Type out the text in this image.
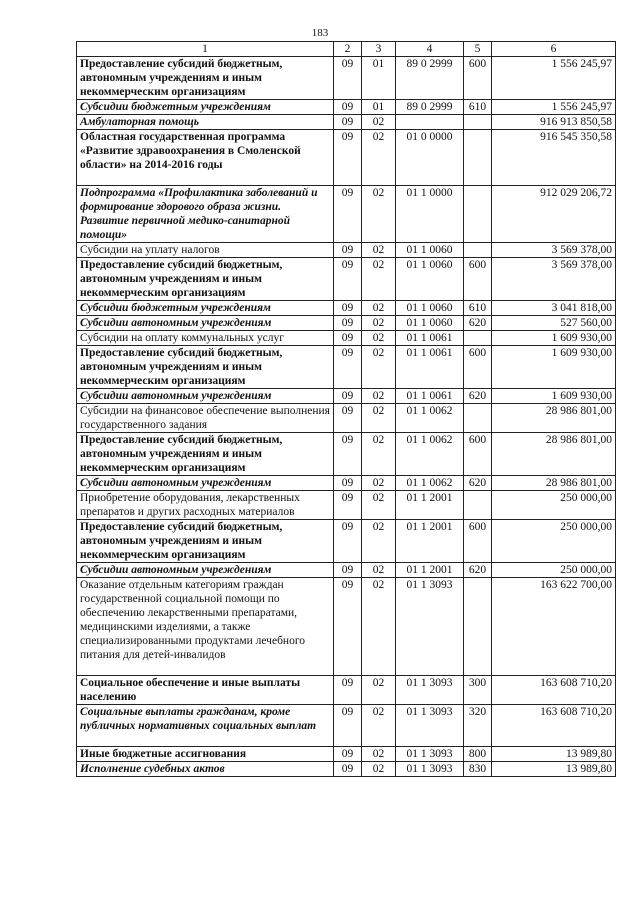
183
1	2	3	4	5	6
Предоставление субсидий бюджетным, автономным учреждениям и иным некоммерческим организациям	09	01	89 0 2999	600	1 556 245,97
Субсидии бюджетным учреждениям	09	01	89 0 2999	610	1 556 245,97
Амбулаторная помощь	09	02			916 913 850,58
Областная государственная программа «Развитие здравоохранения в Смоленской области» на 2014-2016 годы	09	02	01 0 0000		916 545 350,58
Подпрограмма «Профилактика заболеваний и формирование здорового образа жизни. Развитие первичной медико-санитарной помощи»	09	02	01 1 0000		912 029 206,72
Субсидии на уплату налогов	09	02	01 1 0060		3 569 378,00
Предоставление субсидий бюджетным, автономным учреждениям и иным некоммерческим организациям	09	02	01 1 0060	600	3 569 378,00
Субсидии бюджетным учреждениям	09	02	01 1 0060	610	3 041 818,00
Субсидии автономным учреждениям	09	02	01 1 0060	620	527 560,00
Субсидии на оплату коммунальных услуг	09	02	01 1 0061		1 609 930,00
Предоставление субсидий бюджетным, автономным учреждениям и иным некоммерческим организациям	09	02	01 1 0061	600	1 609 930,00
Субсидии автономным учреждениям	09	02	01 1 0061	620	1 609 930,00
Субсидии на финансовое обеспечение выполнения государственного задания	09	02	01 1 0062		28 986 801,00
Предоставление субсидий бюджетным, автономным учреждениям и иным некоммерческим организациям	09	02	01 1 0062	600	28 986 801,00
Субсидии автономным учреждениям	09	02	01 1 0062	620	28 986 801,00
Приобретение оборудования, лекарственных препаратов и других расходных материалов	09	02	01 1 2001		250 000,00
Предоставление субсидий бюджетным, автономным учреждениям и иным некоммерческим организациям	09	02	01 1 2001	600	250 000,00
Субсидии автономным учреждениям	09	02	01 1 2001	620	250 000,00
Оказание отдельным категориям граждан государственной социальной помощи по обеспечению лекарственными препаратами, медицинскими изделиями, а также специализированными продуктами лечебного питания для детей-инвалидов	09	02	01 1 3093		163 622 700,00
Социальное обеспечение и иные выплаты населению	09	02	01 1 3093	300	163 608 710,20
Социальные выплаты гражданам, кроме публичных нормативных социальных выплат	09	02	01 1 3093	320	163 608 710,20
Иные бюджетные ассигнования	09	02	01 1 3093	800	13 989,80
Исполнение судебных актов	09	02	01 1 3093	830	13 989,80
